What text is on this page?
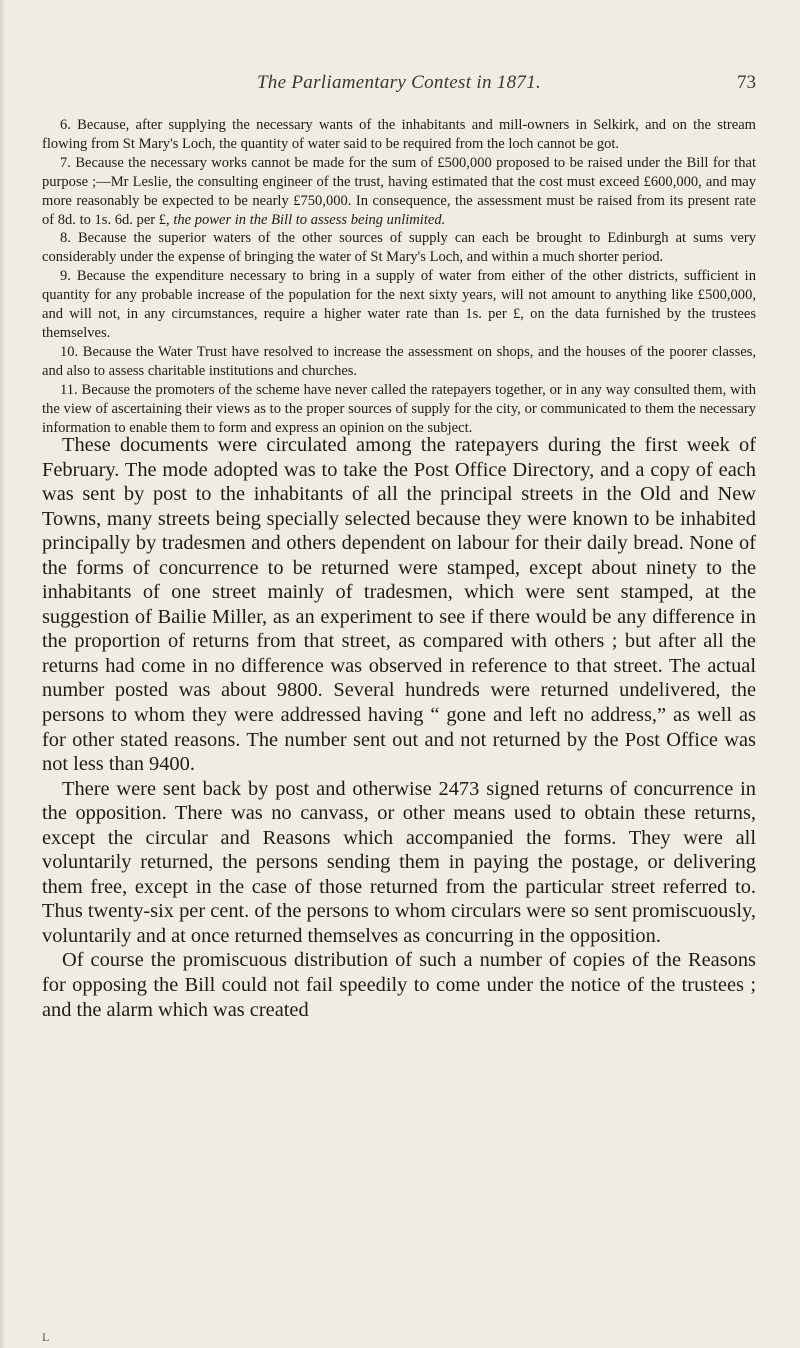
The Parliamentary Contest in 1871.	73

6. Because, after supplying the necessary wants of the inhabitants and mill-owners in Selkirk, and on the stream flowing from St Mary's Loch, the quantity of water said to be required from the loch cannot be got.

7. Because the necessary works cannot be made for the sum of £500,000 proposed to be raised under the Bill for that purpose ;—Mr Leslie, the consulting engineer of the trust, having estimated that the cost must exceed £600,000, and may more reasonably be expected to be nearly £750,000. In consequence, the assessment must be raised from its present rate of 8d. to 1s. 6d. per £, the power in the Bill to assess being unlimited.

8. Because the superior waters of the other sources of supply can each be brought to Edinburgh at sums very considerably under the expense of bringing the water of St Mary's Loch, and within a much shorter period.

9. Because the expenditure necessary to bring in a supply of water from either of the other districts, sufficient in quantity for any probable increase of the population for the next sixty years, will not amount to anything like £500,000, and will not, in any circumstances, require a higher water rate than 1s. per £, on the data furnished by the trustees themselves.

10. Because the Water Trust have resolved to increase the assessment on shops, and the houses of the poorer classes, and also to assess charitable institutions and churches.

11. Because the promoters of the scheme have never called the ratepayers together, or in any way consulted them, with the view of ascertaining their views as to the proper sources of supply for the city, or communicated to them the necessary information to enable them to form and express an opinion on the subject.

These documents were circulated among the ratepayers during the first week of February. The mode adopted was to take the Post Office Directory, and a copy of each was sent by post to the inhabitants of all the principal streets in the Old and New Towns, many streets being specially selected because they were known to be inhabited principally by tradesmen and others dependent on labour for their daily bread. None of the forms of concurrence to be returned were stamped, except about ninety to the inhabitants of one street mainly of tradesmen, which were sent stamped, at the suggestion of Bailie Miller, as an experiment to see if there would be any difference in the proportion of returns from that street, as compared with others ; but after all the returns had come in no difference was observed in reference to that street. The actual number posted was about 9800. Several hundreds were returned undelivered, the persons to whom they were addressed having “ gone and left no address,” as well as for other stated reasons. The number sent out and not returned by the Post Office was not less than 9400.

There were sent back by post and otherwise 2473 signed returns of concurrence in the opposition. There was no canvass, or other means used to obtain these returns, except the circular and Reasons which accompanied the forms. They were all voluntarily returned, the persons sending them in paying the postage, or delivering them free, except in the case of those returned from the particular street referred to. Thus twenty-six per cent. of the persons to whom circulars were so sent promiscuously, voluntarily and at once returned themselves as concurring in the opposition.

Of course the promiscuous distribution of such a number of copies of the Reasons for opposing the Bill could not fail speedily to come under the notice of the trustees ; and the alarm which was created

L
